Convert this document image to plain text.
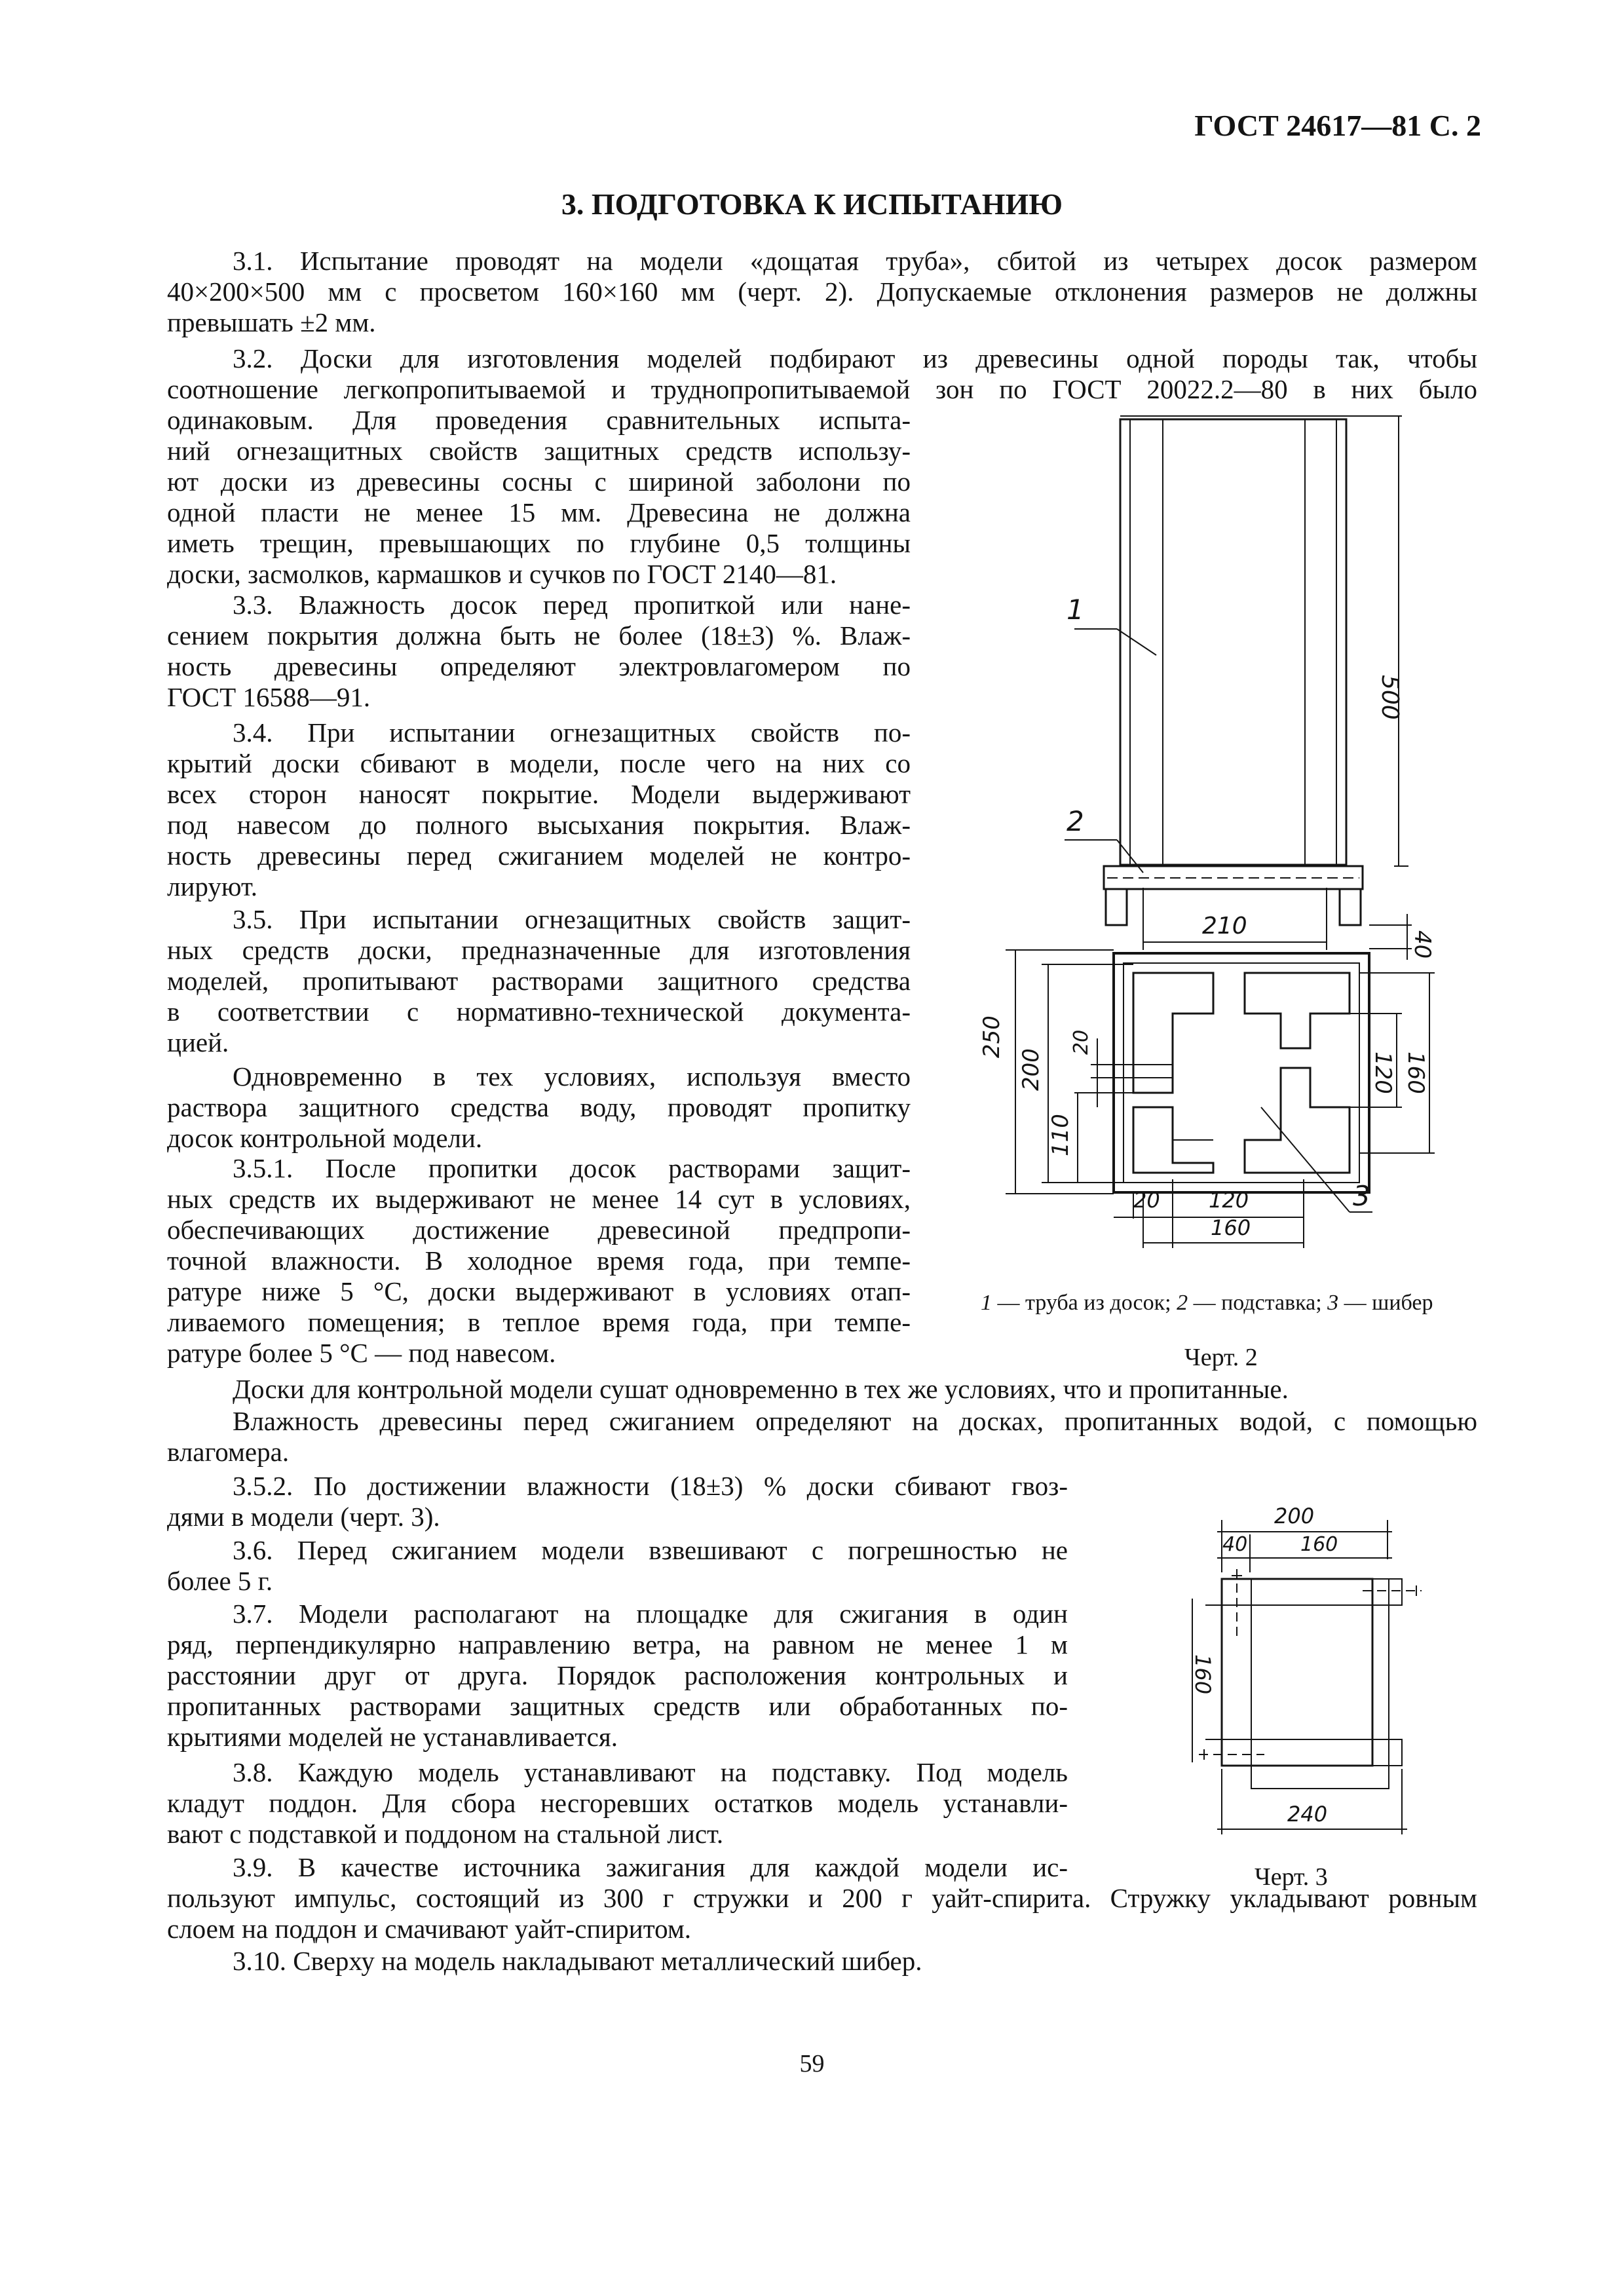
ГОСТ 24617—81 С. 2
3. ПОДГОТОВКА К ИСПЫТАНИЮ
3.1. Испытание проводят на модели «дощатая труба», сбитой из четырех досок размером
40×200×500 мм с просветом 160×160 мм (черт. 2). Допускаемые отклонения размеров не должны
превышать ±2 мм.
3.2. Доски для изготовления моделей подбирают из древесины одной породы так, чтобы
соотношение легкопропитываемой и труднопропитываемой зон по ГОСТ 20022.2—80 в них было
одинаковым. Для проведения сравнительных испыта-
ний огнезащитных свойств защитных средств использу-
ют доски из древесины сосны с шириной заболони по
одной пласти не менее 15 мм. Древесина не должна
иметь трещин, превышающих по глубине 0,5 толщины
доски, засмолков, кармашков и сучков по ГОСТ 2140—81.
3.3. Влажность досок перед пропиткой или нане-
сением покрытия должна быть не более (18±3) %. Влаж-
ность древесины определяют электровлагомером по
ГОСТ 16588—91.
3.4. При испытании огнезащитных свойств по-
крытий доски сбивают в модели, после чего на них со
всех сторон наносят покрытие. Модели выдерживают
под навесом до полного высыхания покрытия. Влаж-
ность древесины перед сжиганием моделей не контро-
лируют.
3.5. При испытании огнезащитных свойств защит-
ных средств доски, предназначенные для изготовления
моделей, пропитывают растворами защитного средства
в соответствии с нормативно-технической документа-
цией.
Одновременно в тех условиях, используя вместо
раствора защитного средства воду, проводят пропитку
досок контрольной модели.
3.5.1. После пропитки досок растворами защит-
ных средств их выдерживают не менее 14 сут в условиях,
обеспечивающих достижение древесиной предпропи-
точной влажности. В холодное время года, при темпе-
ратуре ниже 5 °С, доски выдерживают в условиях отап-
ливаемого помещения; в теплое время года, при темпе-
ратуре более 5 °С — под навесом.
Доски для контрольной модели сушат одновременно в тех же условиях, что и пропитанные.
Влажность древесины перед сжиганием определяют на досках, пропитанных водой, с помощью
влагомера.
3.5.2. По достижении влажности (18±3) % доски сбивают гвоз-
дями в модели (черт. 3).
3.6. Перед сжиганием модели взвешивают с погрешностью не
более 5 г.
3.7. Модели располагают на площадке для сжигания в один
ряд, перпендикулярно направлению ветра, на равном не менее 1 м
расстоянии друг от друга. Порядок расположения контрольных и
пропитанных растворами защитных средств или обработанных по-
крытиями моделей не устанавливается.
3.8. Каждую модель устанавливают на подставку. Под модель
кладут поддон. Для сбора несгоревших остатков модель устанавли-
вают с подставкой и поддоном на стальной лист.
3.9. В качестве источника зажигания для каждой модели ис-
пользуют импульс, состоящий из 300 г стружки и 200 г уайт-спирита. Стружку укладывают ровным
слоем на поддон и смачивают уайт-спиритом.
3.10. Сверху на модель накладывают металлический шибер.
500
1
2
210
40
250
200
110
20
120 160
20 120
160
3
1 — труба из досок; 2 — подставка; 3 — шибер
Черт. 2
200
40	160
160
240
Черт. 3
59
